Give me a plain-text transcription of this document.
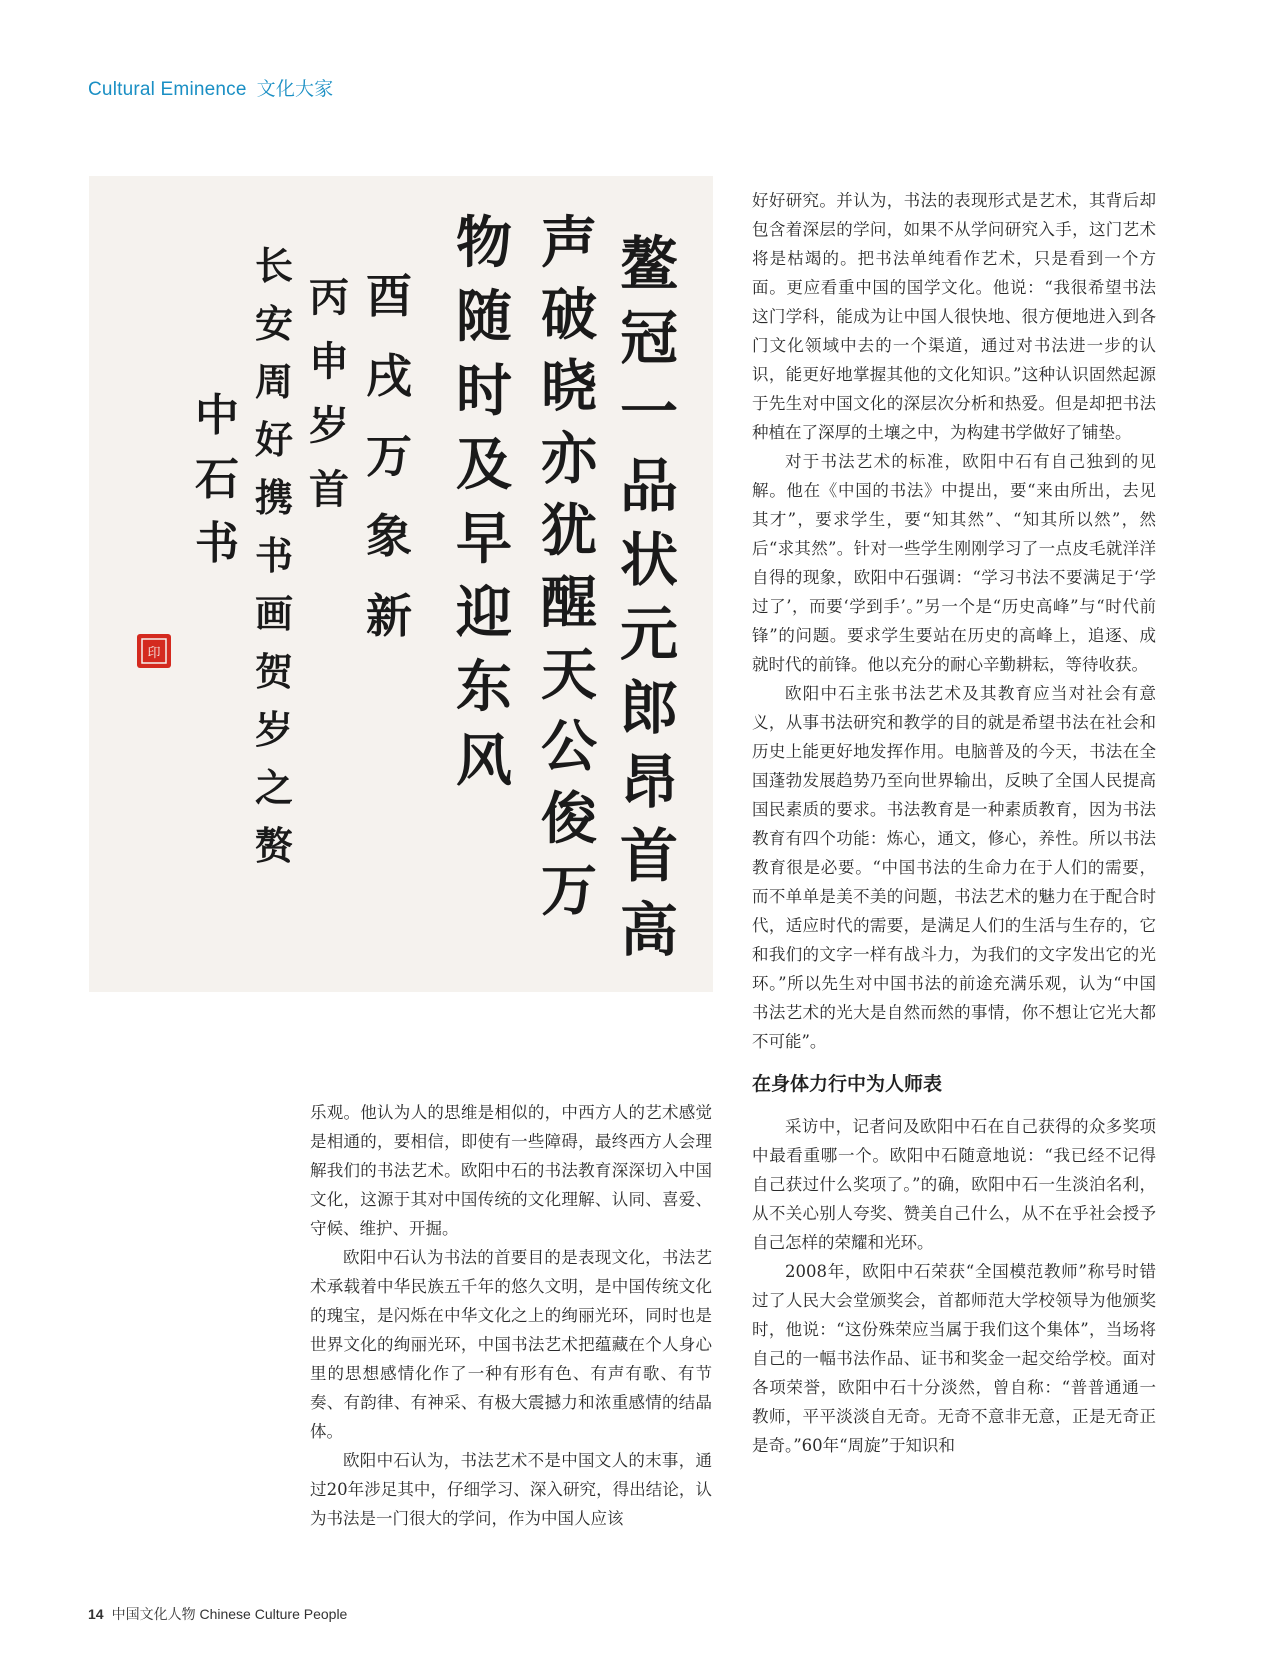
Cultural Eminence 文化大家
鳌
冠
一
品
状
元
郎
昂
首
高
声
破
晓
亦
犹
醒
天
公
俊
万
物
随
时
及
早
迎
东
风
酉
戌
万
象
新
丙
申
岁
首
长
安
周
好
携
书
画
贺
岁
之
赘
中
石
书
印

乐观。他认为人的思维是相似的，中西方人的艺术感觉是相通的，要相信，即使有一些障碍，最终西方人会理解我们的书法艺术。欧阳中石的书法教育深深切入中国文化，这源于其对中国传统的文化理解、认同、喜爱、守候、维护、开掘。

欧阳中石认为书法的首要目的是表现文化，书法艺术承载着中华民族五千年的悠久文明，是中国传统文化的瑰宝，是闪烁在中华文化之上的绚丽光环，同时也是世界文化的绚丽光环，中国书法艺术把蕴藏在个人身心里的思想感情化作了一种有形有色、有声有歌、有节奏、有韵律、有神采、有极大震撼力和浓重感情的结晶体。

欧阳中石认为，书法艺术不是中国文人的末事，通过20年涉足其中，仔细学习、深入研究，得出结论，认为书法是一门很大的学问，作为中国人应该

好好研究。并认为，书法的表现形式是艺术，其背后却包含着深层的学问，如果不从学问研究入手，这门艺术将是枯竭的。把书法单纯看作艺术，只是看到一个方面。更应看重中国的国学文化。他说：“我很希望书法这门学科，能成为让中国人很快地、很方便地进入到各门文化领域中去的一个渠道，通过对书法进一步的认识，能更好地掌握其他的文化知识。”这种认识固然起源于先生对中国文化的深层次分析和热爱。但是却把书法种植在了深厚的土壤之中，为构建书学做好了铺垫。

对于书法艺术的标准，欧阳中石有自己独到的见解。他在《中国的书法》中提出，要“来由所出，去见其才”，要求学生，要“知其然”、“知其所以然”，然后“求其然”。针对一些学生刚刚学习了一点皮毛就洋洋自得的现象，欧阳中石强调：“学习书法不要满足于‘学过了’，而要‘学到手’。”另一个是“历史高峰”与“时代前锋”的问题。要求学生要站在历史的高峰上，追逐、成就时代的前锋。他以充分的耐心辛勤耕耘，等待收获。

欧阳中石主张书法艺术及其教育应当对社会有意义，从事书法研究和教学的目的就是希望书法在社会和历史上能更好地发挥作用。电脑普及的今天，书法在全国蓬勃发展趋势乃至向世界输出，反映了全国人民提高国民素质的要求。书法教育是一种素质教育，因为书法教育有四个功能：炼心，通文，修心，养性。所以书法教育很是必要。“中国书法的生命力在于人们的需要，而不单单是美不美的问题，书法艺术的魅力在于配合时代，适应时代的需要，是满足人们的生活与生存的，它和我们的文字一样有战斗力，为我们的文字发出它的光环。”所以先生对中国书法的前途充满乐观，认为“中国书法艺术的光大是自然而然的事情，你不想让它光大都不可能”。

在身体力行中为人师表

采访中，记者问及欧阳中石在自己获得的众多奖项中最看重哪一个。欧阳中石随意地说：“我已经不记得自己获过什么奖项了。”的确，欧阳中石一生淡泊名利，从不关心别人夸奖、赞美自己什么，从不在乎社会授予自己怎样的荣耀和光环。

2008年，欧阳中石荣获“全国模范教师”称号时错过了人民大会堂颁奖会，首都师范大学校领导为他颁奖时，他说：“这份殊荣应当属于我们这个集体”，当场将自己的一幅书法作品、证书和奖金一起交给学校。面对各项荣誉，欧阳中石十分淡然，曾自称：“普普通通一教师，平平淡淡自无奇。无奇不意非无意，正是无奇正是奇。”60年“周旋”于知识和

14 中国文化人物 Chinese Culture People
